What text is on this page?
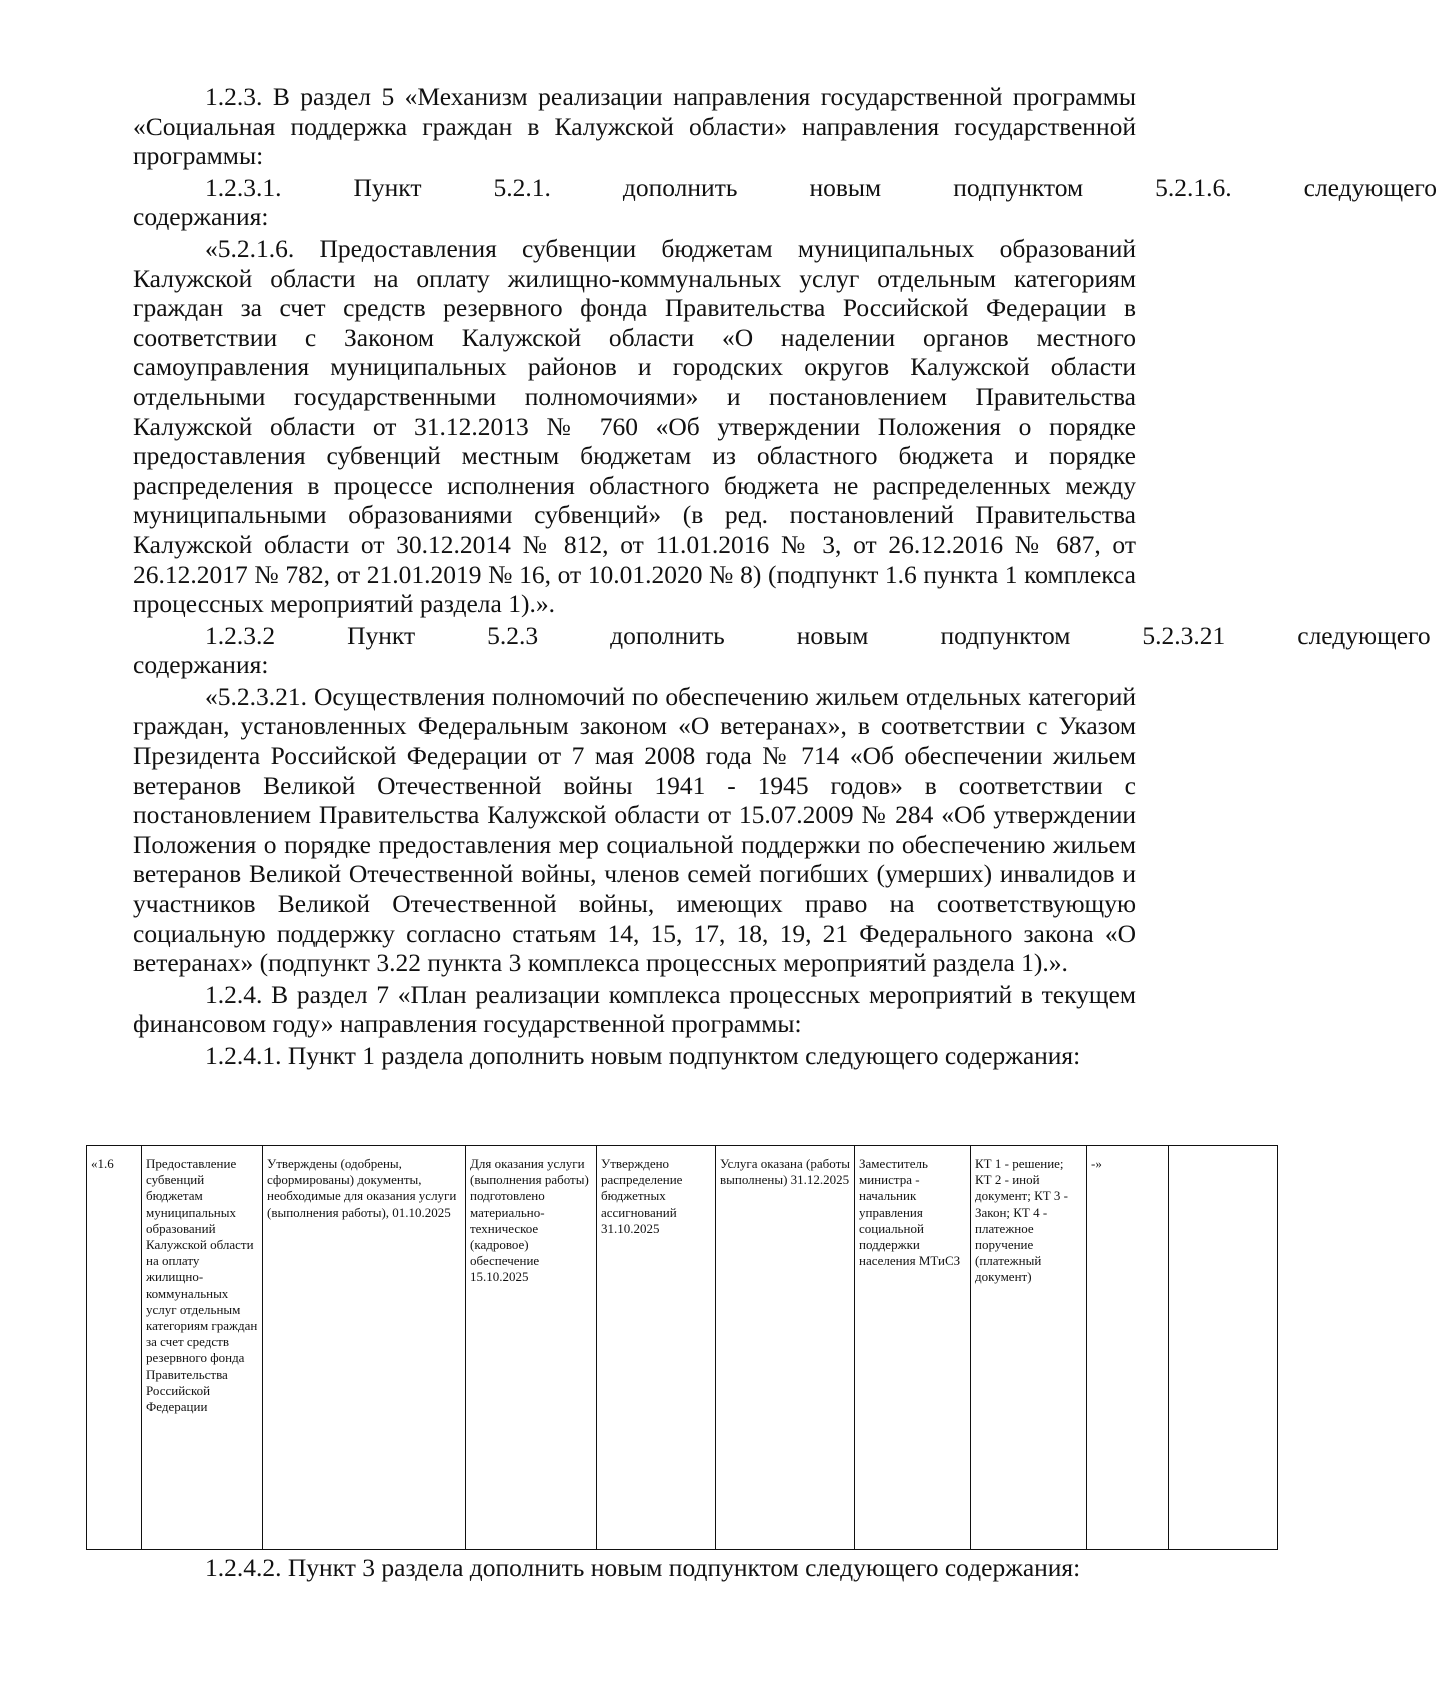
1.2.3. В раздел 5 «Механизм реализации направления государственной программы «Социальная поддержка граждан в Калужской области» направления государственной программы:

1.2.3.1.	Пункт	5.2.1.	дополнить	новым	подпунктом	5.2.1.6.	следующего

содержания:

«5.2.1.6. Предоставления субвенции бюджетам муниципальных образований Калужской области на оплату жилищно-коммунальных услуг отдельным категориям граждан за счет средств резервного фонда Правительства Российской Федерации в соответствии с Законом Калужской области «О наделении органов местного самоуправления муниципальных районов и городских округов Калужской области отдельными государственными полномочиями» и постановлением Правительства Калужской области от 31.12.2013 № 760 «Об утверждении Положения о порядке предоставления субвенций местным бюджетам из областного бюджета и порядке распределения в процессе исполнения областного бюджета не распределенных между муниципальными образованиями субвенций» (в ред. постановлений Правительства Калужской области от 30.12.2014 № 812, от 11.01.2016 № 3, от 26.12.2016 № 687, от 26.12.2017 № 782, от 21.01.2019 № 16, от 10.01.2020 № 8) (подпункт 1.6 пункта 1 комплекса процессных мероприятий раздела 1).».

1.2.3.2	Пункт	5.2.3	дополнить	новым	подпунктом	5.2.3.21	следующего

содержания:

«5.2.3.21. Осуществления полномочий по обеспечению жильем отдельных категорий граждан, установленных Федеральным законом «О ветеранах», в соответствии с Указом Президента Российской Федерации от 7 мая 2008 года № 714 «Об обеспечении жильем ветеранов Великой Отечественной войны 1941 - 1945 годов» в соответствии с постановлением Правительства Калужской области от 15.07.2009 № 284 «Об утверждении Положения о порядке предоставления мер социальной поддержки по обеспечению жильем ветеранов Великой Отечественной войны, членов семей погибших (умерших) инвалидов и участников Великой Отечественной войны, имеющих право на соответствующую социальную поддержку согласно статьям 14, 15, 17, 18, 19, 21 Федерального закона «О ветеранах» (подпункт 3.22 пункта 3 комплекса процессных мероприятий раздела 1).».

1.2.4. В раздел 7 «План реализации комплекса процессных мероприятий в текущем финансовом году» направления государственной программы:

1.2.4.1. Пункт 1 раздела дополнить новым подпунктом следующего содержания:

«1.6	Предоставление субвенций бюджетам муниципальных образований Калужской области на оплату жилищно-коммунальных услуг отдельным категориям граждан за счет средств резервного фонда Правительства Российской Федерации	Утверждены (одобрены, сформированы) документы, необходимые для оказания услуги (выполнения работы), 01.10.2025	Для оказания услуги (выполнения работы) подготовлено материально-техническое (кадровое) обеспечение 15.10.2025	Утверждено распределение бюджетных ассигнований 31.10.2025	Услуга оказана (работы выполнены) 31.12.2025	Заместитель министра - начальник управления социальной поддержки населения МТиСЗ	КТ 1 - решение; КТ 2 - иной документ; КТ 3 - Закон; КТ 4 - платежное поручение (платежный документ)	-»	

1.2.4.2. Пункт 3 раздела дополнить новым подпунктом следующего содержания:
